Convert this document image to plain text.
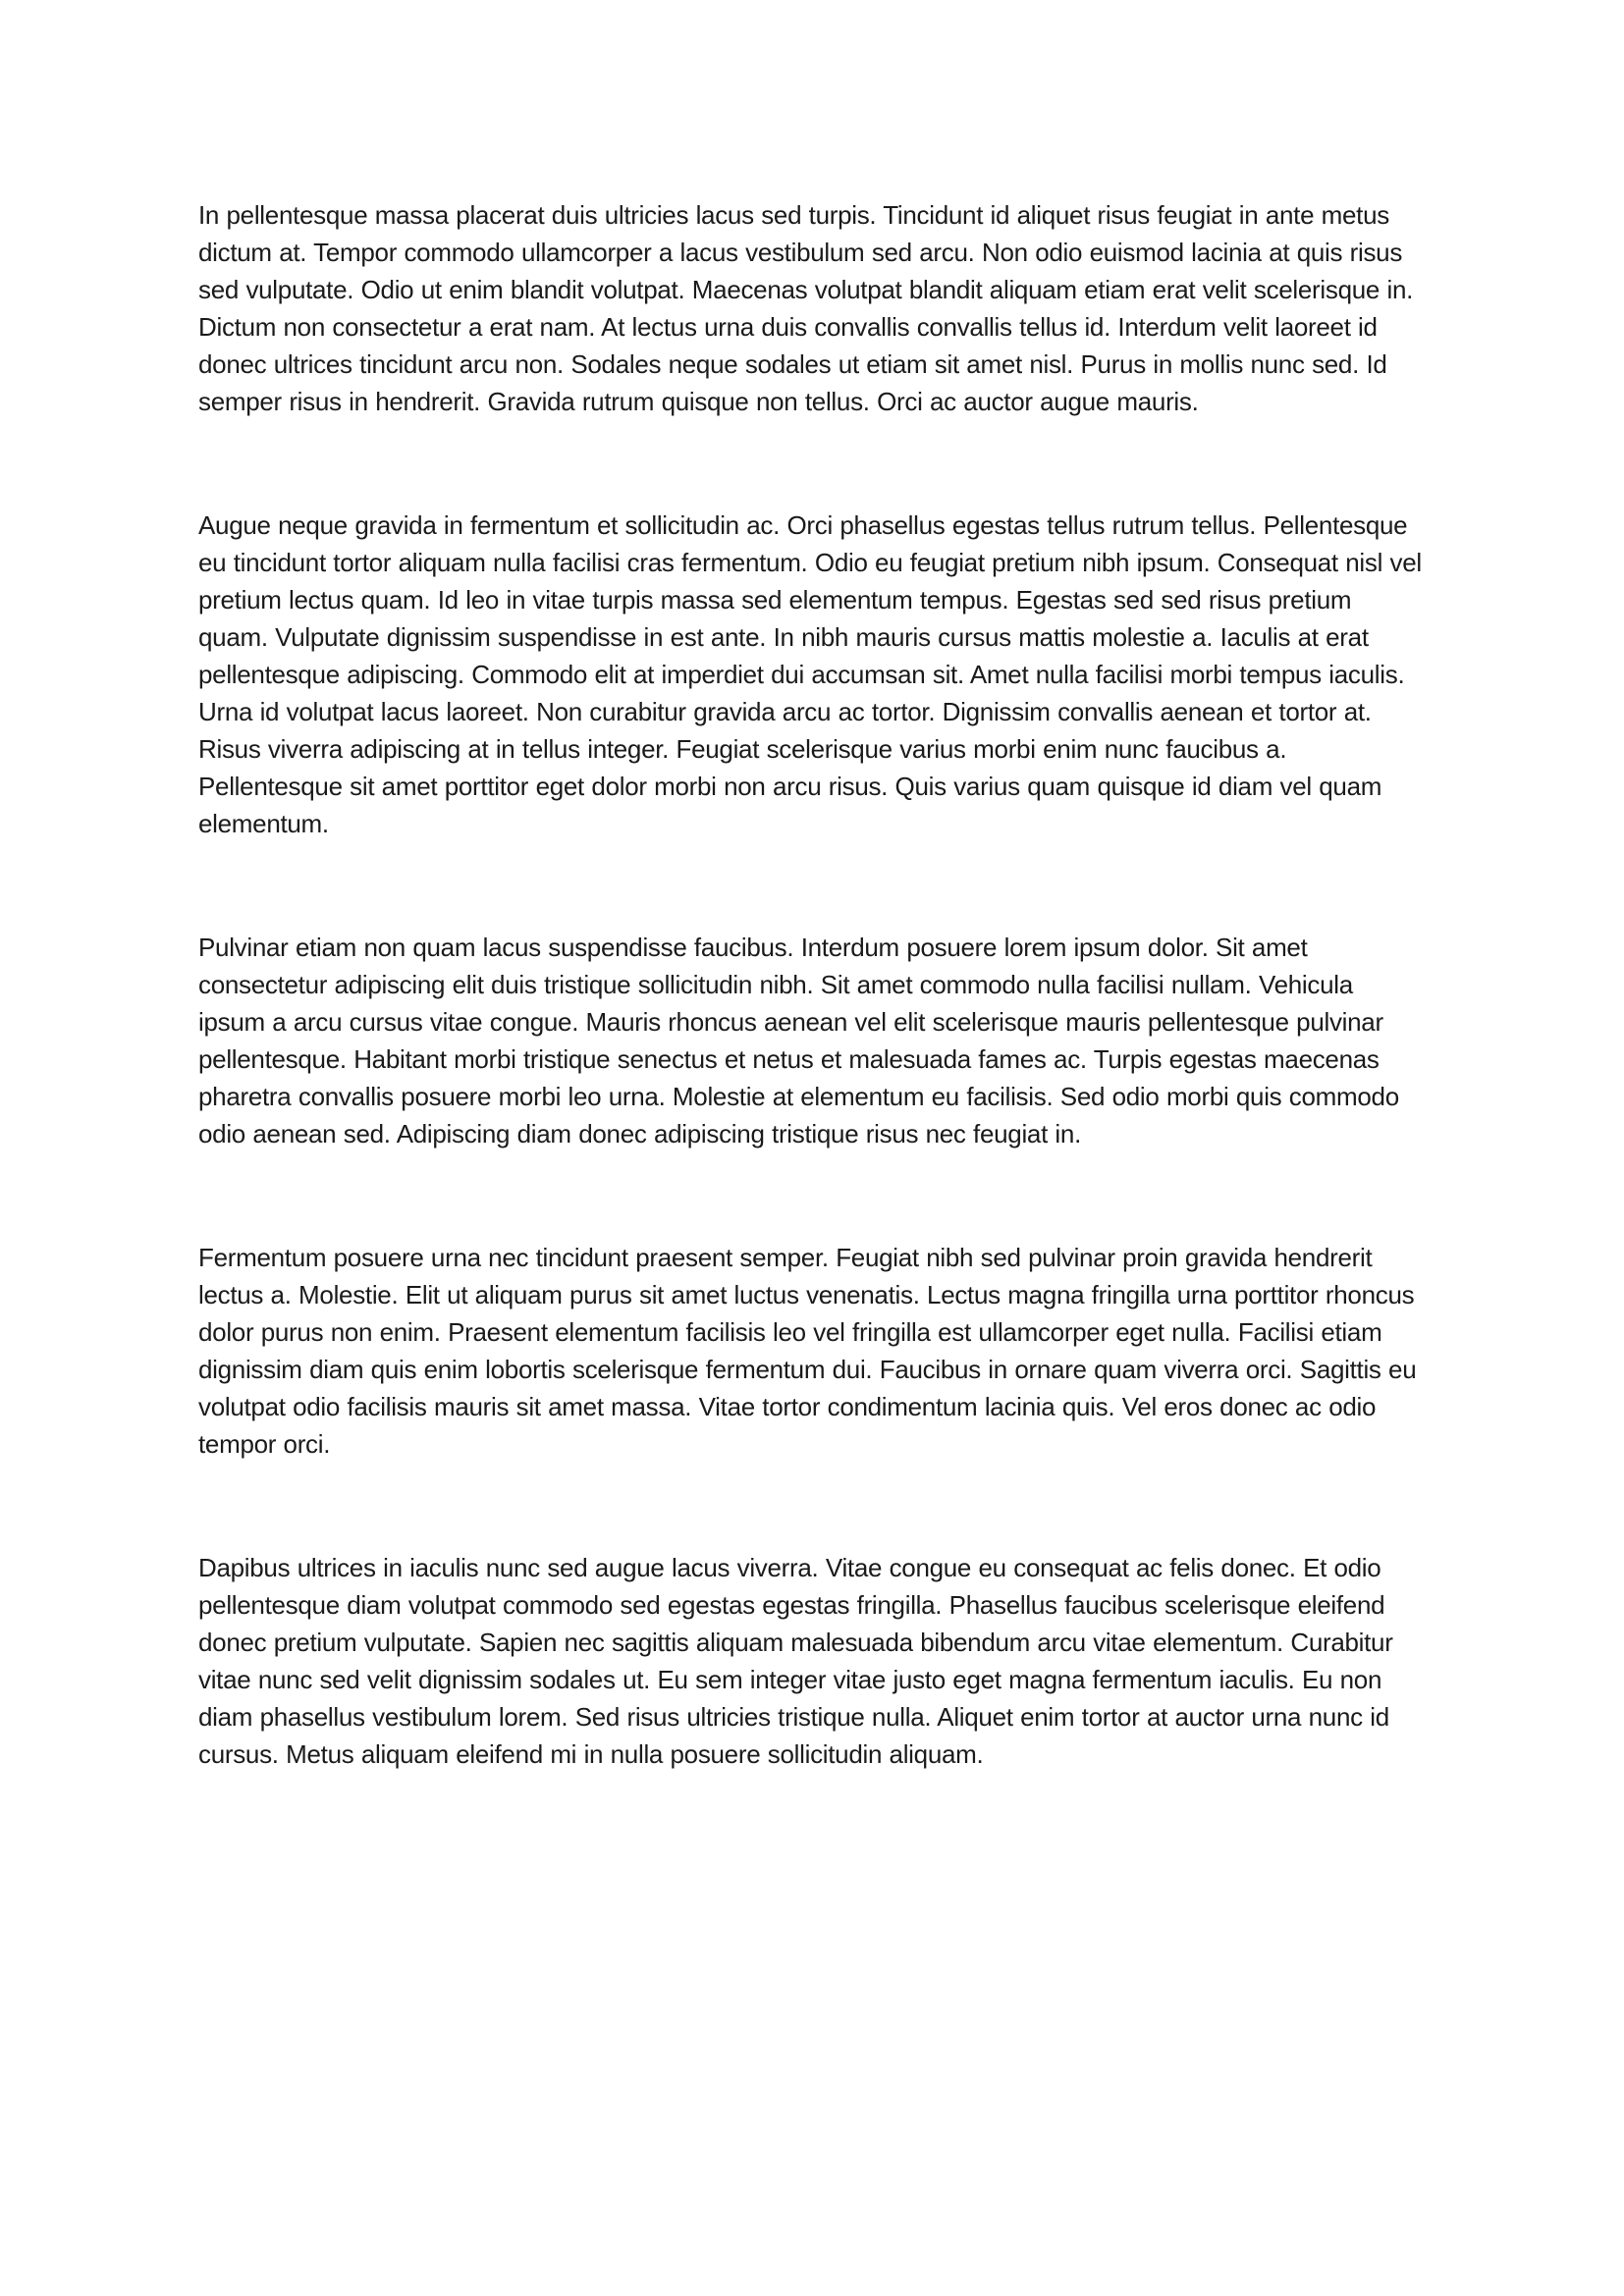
In pellentesque massa placerat duis ultricies lacus sed turpis. Tincidunt id aliquet risus feugiat in ante metus dictum at. Tempor commodo ullamcorper a lacus vestibulum sed arcu. Non odio euismod lacinia at quis risus sed vulputate. Odio ut enim blandit volutpat. Maecenas volutpat blandit aliquam etiam erat velit scelerisque in. Dictum non consectetur a erat nam. At lectus urna duis convallis convallis tellus id. Interdum velit laoreet id donec ultrices tincidunt arcu non. Sodales neque sodales ut etiam sit amet nisl. Purus in mollis nunc sed. Id semper risus in hendrerit. Gravida rutrum quisque non tellus. Orci ac auctor augue mauris.

Augue neque gravida in fermentum et sollicitudin ac. Orci phasellus egestas tellus rutrum tellus. Pellentesque eu tincidunt tortor aliquam nulla facilisi cras fermentum. Odio eu feugiat pretium nibh ipsum. Consequat nisl vel pretium lectus quam. Id leo in vitae turpis massa sed elementum tempus. Egestas sed sed risus pretium quam. Vulputate dignissim suspendisse in est ante. In nibh mauris cursus mattis molestie a. Iaculis at erat pellentesque adipiscing. Commodo elit at imperdiet dui accumsan sit. Amet nulla facilisi morbi tempus iaculis. Urna id volutpat lacus laoreet. Non curabitur gravida arcu ac tortor. Dignissim convallis aenean et tortor at. Risus viverra adipiscing at in tellus integer. Feugiat scelerisque varius morbi enim nunc faucibus a. Pellentesque sit amet porttitor eget dolor morbi non arcu risus. Quis varius quam quisque id diam vel quam elementum.

Pulvinar etiam non quam lacus suspendisse faucibus. Interdum posuere lorem ipsum dolor. Sit amet consectetur adipiscing elit duis tristique sollicitudin nibh. Sit amet commodo nulla facilisi nullam. Vehicula ipsum a arcu cursus vitae congue. Mauris rhoncus aenean vel elit scelerisque mauris pellentesque pulvinar pellentesque. Habitant morbi tristique senectus et netus et malesuada fames ac. Turpis egestas maecenas pharetra convallis posuere morbi leo urna. Molestie at elementum eu facilisis. Sed odio morbi quis commodo odio aenean sed. Adipiscing diam donec adipiscing tristique risus nec feugiat in.

Fermentum posuere urna nec tincidunt praesent semper. Feugiat nibh sed pulvinar proin gravida hendrerit lectus a. Molestie. Elit ut aliquam purus sit amet luctus venenatis. Lectus magna fringilla urna porttitor rhoncus dolor purus non enim. Praesent elementum facilisis leo vel fringilla est ullamcorper eget nulla. Facilisi etiam dignissim diam quis enim lobortis scelerisque fermentum dui. Faucibus in ornare quam viverra orci. Sagittis eu volutpat odio facilisis mauris sit amet massa. Vitae tortor condimentum lacinia quis. Vel eros donec ac odio tempor orci.

Dapibus ultrices in iaculis nunc sed augue lacus viverra. Vitae congue eu consequat ac felis donec. Et odio pellentesque diam volutpat commodo sed egestas egestas fringilla. Phasellus faucibus scelerisque eleifend donec pretium vulputate. Sapien nec sagittis aliquam malesuada bibendum arcu vitae elementum. Curabitur vitae nunc sed velit dignissim sodales ut. Eu sem integer vitae justo eget magna fermentum iaculis. Eu non diam phasellus vestibulum lorem. Sed risus ultricies tristique nulla. Aliquet enim tortor at auctor urna nunc id cursus. Metus aliquam eleifend mi in nulla posuere sollicitudin aliquam.
